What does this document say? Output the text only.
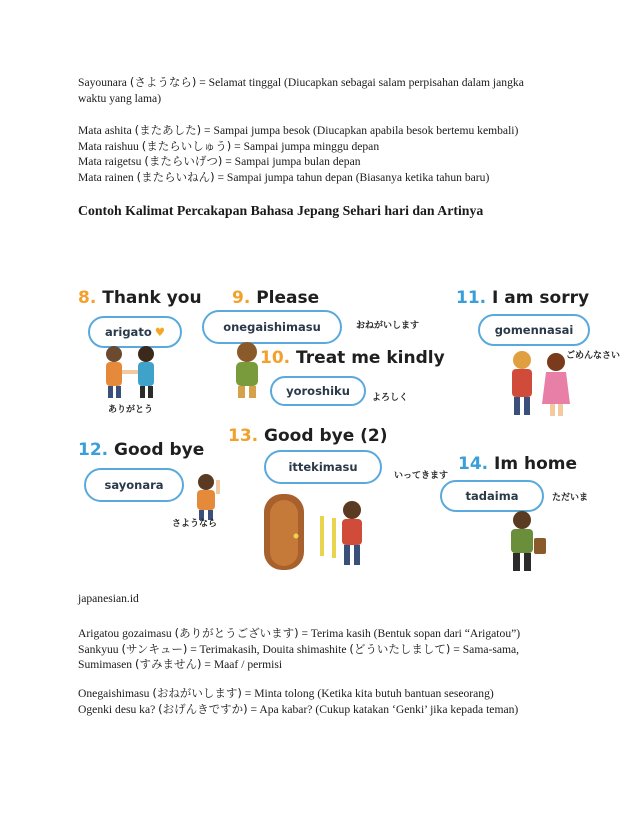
Sayounara (さようなら) = Selamat tinggal (Diucapkan sebagai salam perpisahan dalam jangka
waktu yang lama)
Mata ashita (またあした) = Sampai jumpa besok (Diucapkan apabila besok bertemu kembali)
Mata raishuu (またらいしゅう) = Sampai jumpa minggu depan
Mata raigetsu (またらいげつ) = Sampai jumpa bulan depan
Mata rainen (またらいねん) = Sampai jumpa tahun depan (Biasanya ketika tahun baru)
Contoh Kalimat Percakapan Bahasa Jepang Sehari hari dan Artinya
8. Thank you
arigato ♥
ありがとう
9. Please
onegaishimasu	おねがいします
10. Treat me kindly
yoroshiku よろしく
11. I am sorry
gomennasai
ごめんなさい
12. Good bye
sayonara
さようなら
13. Good bye (2)
ittekimasu
いってきます
14. Im home
tadaima	ただいま
japanesian.id
Arigatou gozaimasu (ありがとうございます) = Terima kasih (Bentuk sopan dari “Arigatou”)
Sankyuu (サンキュー) = Terimakasih, Douita shimashite (どういたしまして) = Sama-sama,
Sumimasen (すみません) = Maaf / permisi
Onegaishimasu (おねがいします) = Minta tolong (Ketika kita butuh bantuan seseorang)
Ogenki desu ka? (おげんきですか) = Apa kabar? (Cukup katakan ‘Genki’ jika kepada teman)
